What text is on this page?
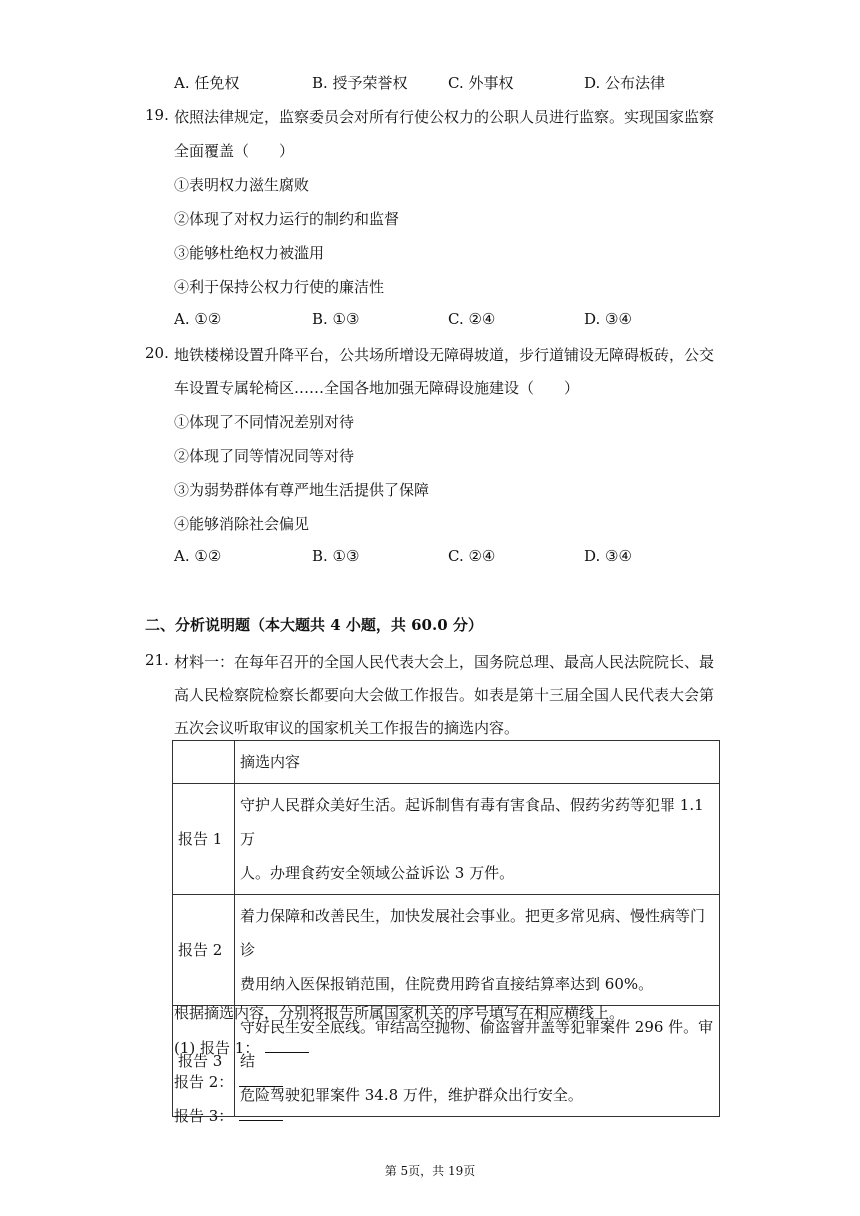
A. 任免权	B. 授予荣誉权	C. 外事权	D. 公布法律
19. 依照法律规定，监察委员会对所有行使公权力的公职人员进行监察。实现国家监察
全面覆盖（　　）
①表明权力滋生腐败
②体现了对权力运行的制约和监督
③能够杜绝权力被滥用
④利于保持公权力行使的廉洁性
A. ①②	B. ①③	C. ②④	D. ③④
20. 地铁楼梯设置升降平台，公共场所增设无障碍坡道，步行道铺设无障碍板砖，公交
车设置专属轮椅区……全国各地加强无障碍设施建设（　　）
①体现了不同情况差别对待
②体现了同等情况同等对待
③为弱势群体有尊严地生活提供了保障
④能够消除社会偏见
A. ①②	B. ①③	C. ②④	D. ③④
二、分析说明题（本大题共 4 小题，共 60.0 分）
21. 材料一：在每年召开的全国人民代表大会上，国务院总理、最高人民法院院长、最
高人民检察院检察长都要向大会做工作报告。如表是第十三届全国人民代表大会第
五次会议听取审议的国家机关工作报告的摘选内容。
	摘选内容
报告 1	守护人民群众美好生活。起诉制售有毒有害食品、假药劣药等犯罪 1.1 万
人。办理食药安全领域公益诉讼 3 万件。

报告 2	着力保障和改善民生，加快发展社会事业。把更多常见病、慢性病等门诊
费用纳入医保报销范围，住院费用跨省直接结算率达到 60%。

报告 3	守好民生安全底线。审结高空抛物、偷盗窨井盖等犯罪案件 296 件。审结
危险驾驶犯罪案件 34.8 万件，维护群众出行安全。
根据摘选内容，分别将报告所属国家机关的序号填写在相应横线上。
(1) 报告 1：
报告 2：
报告 3：
第 5页，共 19页
